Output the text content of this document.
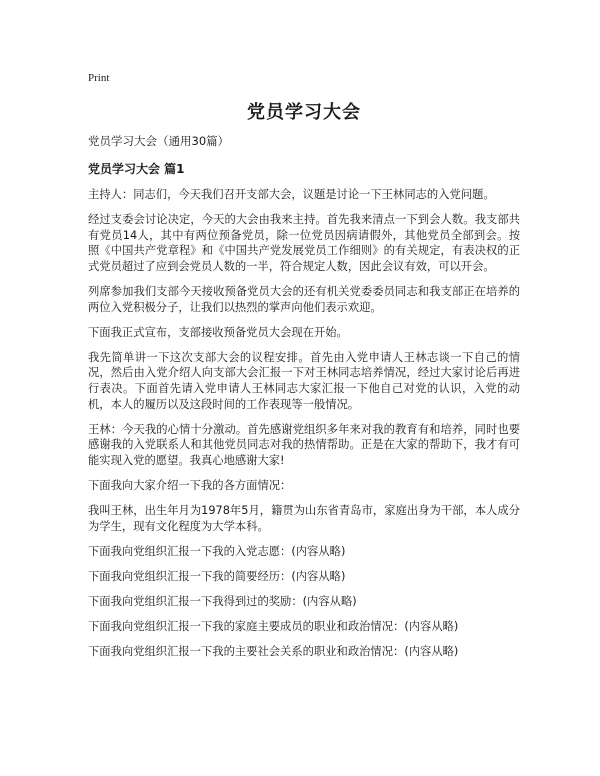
Print
党员学习大会
党员学习大会（通用30篇）
党员学习大会 篇1

主持人：同志们，今天我们召开支部大会，议题是讨论一下王林同志的入党问题。

经过支委会讨论决定，今天的大会由我来主持。首先我来清点一下到会人数。我支部共有党员14人，其中有两位预备党员，除一位党员因病请假外，其他党员全部到会。按照《中国共产党章程》和《中国共产党发展党员工作细则》的有关规定，有表决权的正式党员超过了应到会党员人数的一半，符合规定人数，因此会议有效，可以开会。

列席参加我们支部今天接收预备党员大会的还有机关党委委员同志和我支部正在培养的两位入党积极分子，让我们以热烈的掌声向他们表示欢迎。

下面我正式宣布，支部接收预备党员大会现在开始。

我先简单讲一下这次支部大会的议程安排。首先由入党申请人王林志谈一下自己的情况，然后由入党介绍人向支部大会汇报一下对王林同志培养情况，经过大家讨论后再进行表决。下面首先请入党申请人王林同志大家汇报一下他自己对党的认识，入党的动机，本人的履历以及这段时间的工作表现等一般情况。

王林：今天我的心情十分激动。首先感谢党组织多年来对我的教育有和培养，同时也要感谢我的入党联系人和其他党员同志对我的热情帮助。正是在大家的帮助下，我才有可能实现入党的愿望。我真心地感谢大家!

下面我向大家介绍一下我的各方面情况：

我叫王林，出生年月为1978年5月，籍贯为山东省青岛市，家庭出身为干部，本人成分为学生，现有文化程度为大学本科。

下面我向党组织汇报一下我的入党志愿：(内容从略)

下面我向党组织汇报一下我的简要经历：(内容从略)

下面我向党组织汇报一下我得到过的奖励：(内容从略)

下面我向党组织汇报一下我的家庭主要成员的职业和政治情况：(内容从略)

下面我向党组织汇报一下我的主要社会关系的职业和政治情况：(内容从略)
